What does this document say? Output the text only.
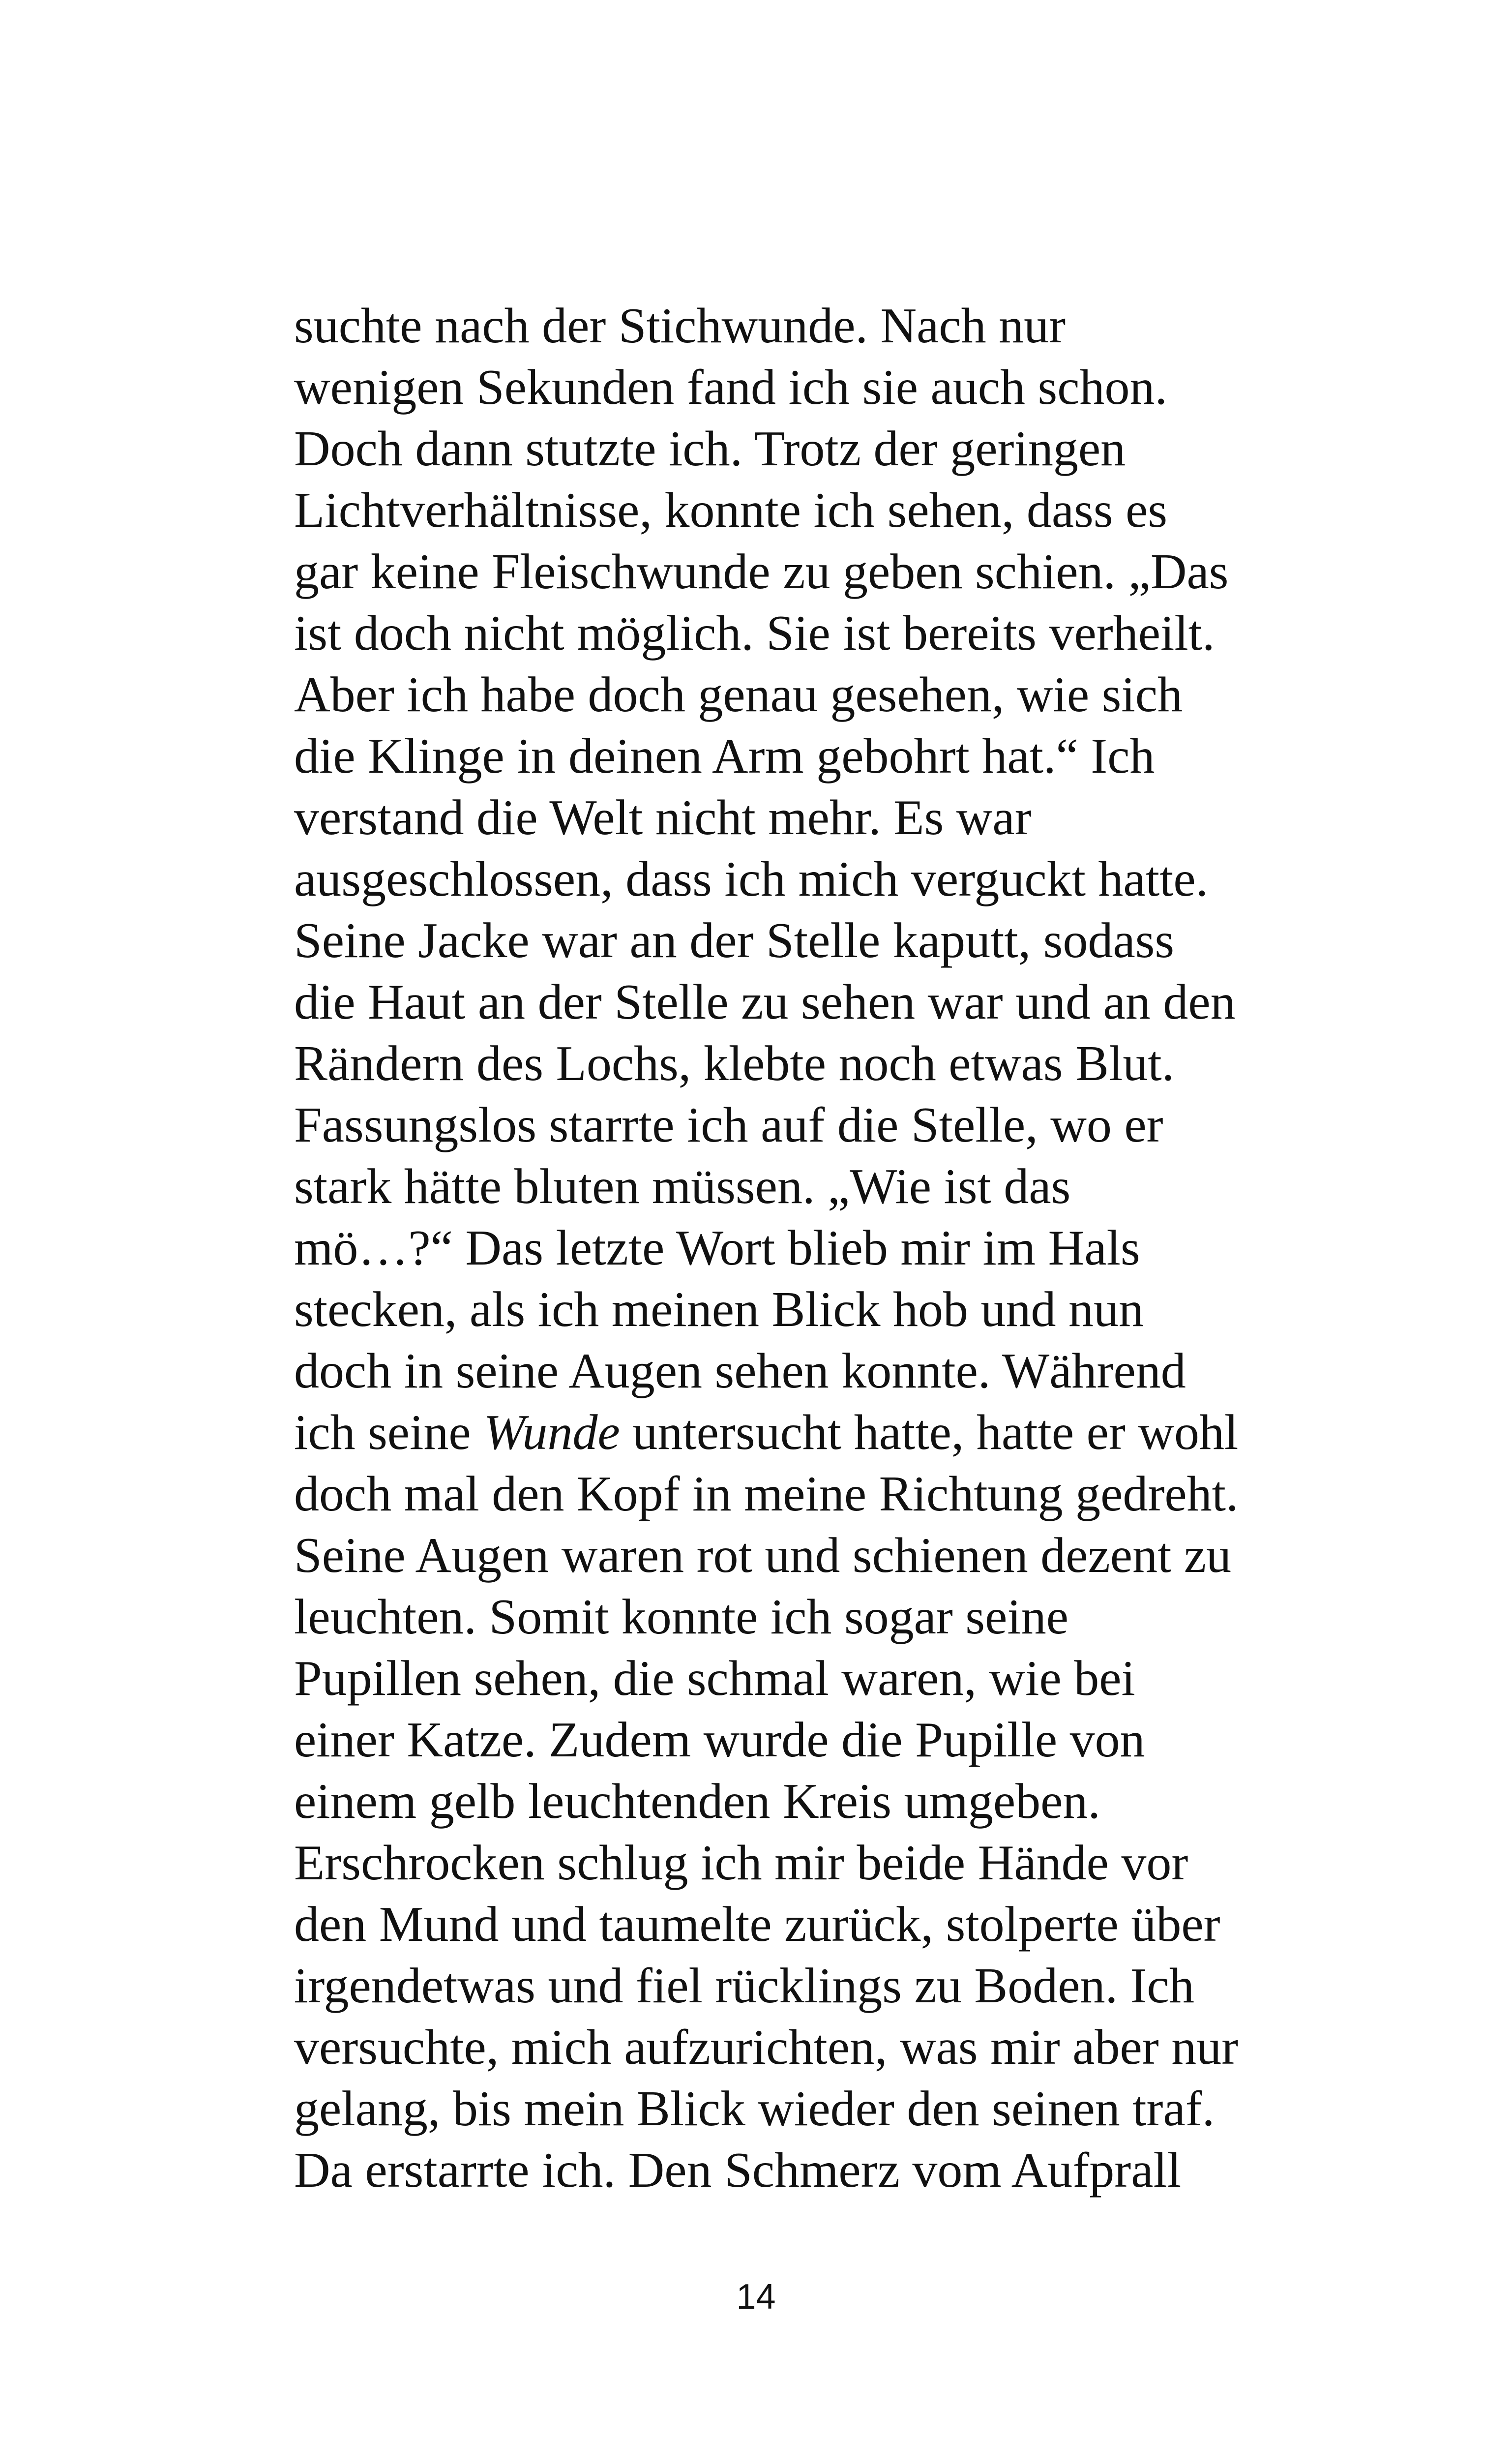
suchte nach der Stichwunde. Nach nur
wenigen Sekunden fand ich sie auch schon.
Doch dann stutzte ich. Trotz der geringen
Lichtverhältnisse, konnte ich sehen, dass es
gar keine Fleischwunde zu geben schien. „Das
ist doch nicht möglich. Sie ist bereits verheilt.
Aber ich habe doch genau gesehen, wie sich
die Klinge in deinen Arm gebohrt hat.“ Ich
verstand die Welt nicht mehr. Es war
ausgeschlossen, dass ich mich verguckt hatte.
Seine Jacke war an der Stelle kaputt, sodass
die Haut an der Stelle zu sehen war und an den
Rändern des Lochs, klebte noch etwas Blut.
Fassungslos starrte ich auf die Stelle, wo er
stark hätte bluten müssen. „Wie ist das
mö…?“ Das letzte Wort blieb mir im Hals
stecken, als ich meinen Blick hob und nun
doch in seine Augen sehen konnte. Während
ich seine Wunde untersucht hatte, hatte er wohl
doch mal den Kopf in meine Richtung gedreht.
Seine Augen waren rot und schienen dezent zu
leuchten. Somit konnte ich sogar seine
Pupillen sehen, die schmal waren, wie bei
einer Katze. Zudem wurde die Pupille von
einem gelb leuchtenden Kreis umgeben.
Erschrocken schlug ich mir beide Hände vor
den Mund und taumelte zurück, stolperte über
irgendetwas und fiel rücklings zu Boden. Ich
versuchte, mich aufzurichten, was mir aber nur
gelang, bis mein Blick wieder den seinen traf.
Da erstarrte ich. Den Schmerz vom Aufprall

14
